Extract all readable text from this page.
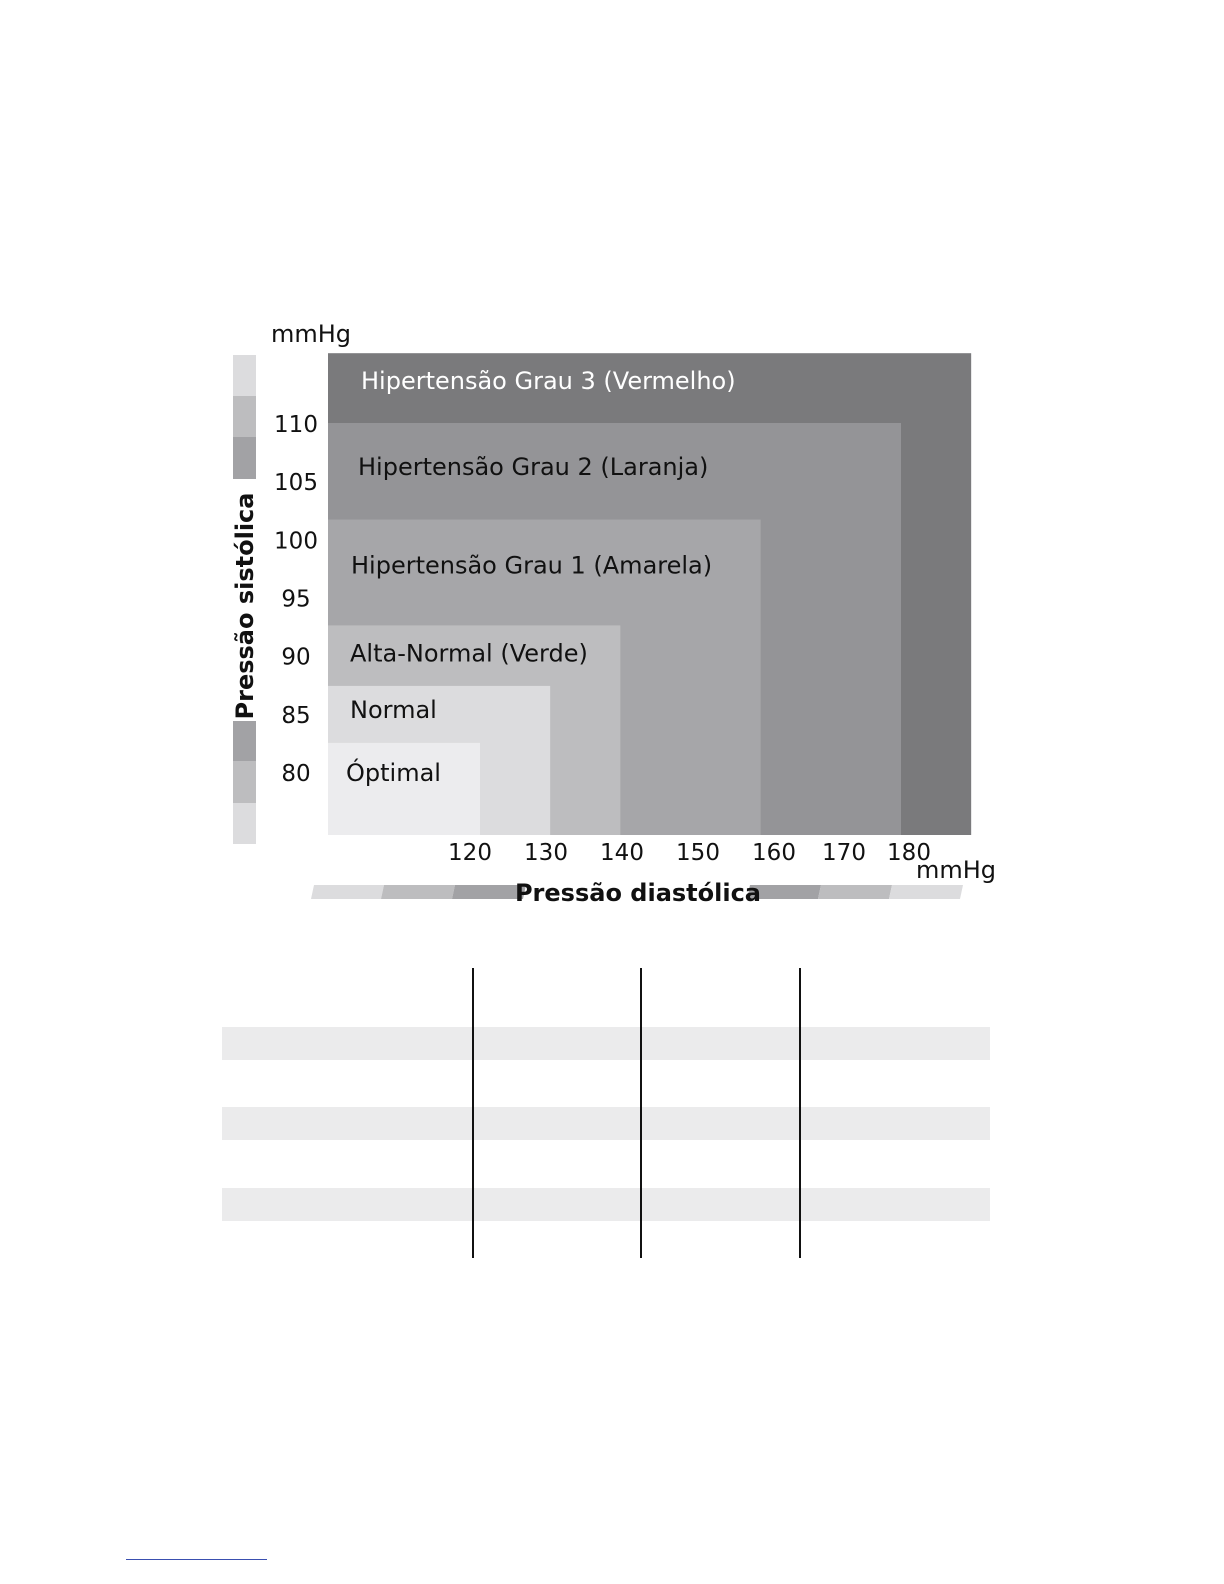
Pressão sistólica
mmHg
Hipertensão Grau 3 (Vermelho)
Hipertensão Grau 2 (Laranja)
Hipertensão Grau 1 (Amarela)
Alta-Normal (Verde)
Normal
Óptimal
80
85
90
95
100
105
110
120 130 140 150 160 170 180
mmHg
Pressão diastólica
